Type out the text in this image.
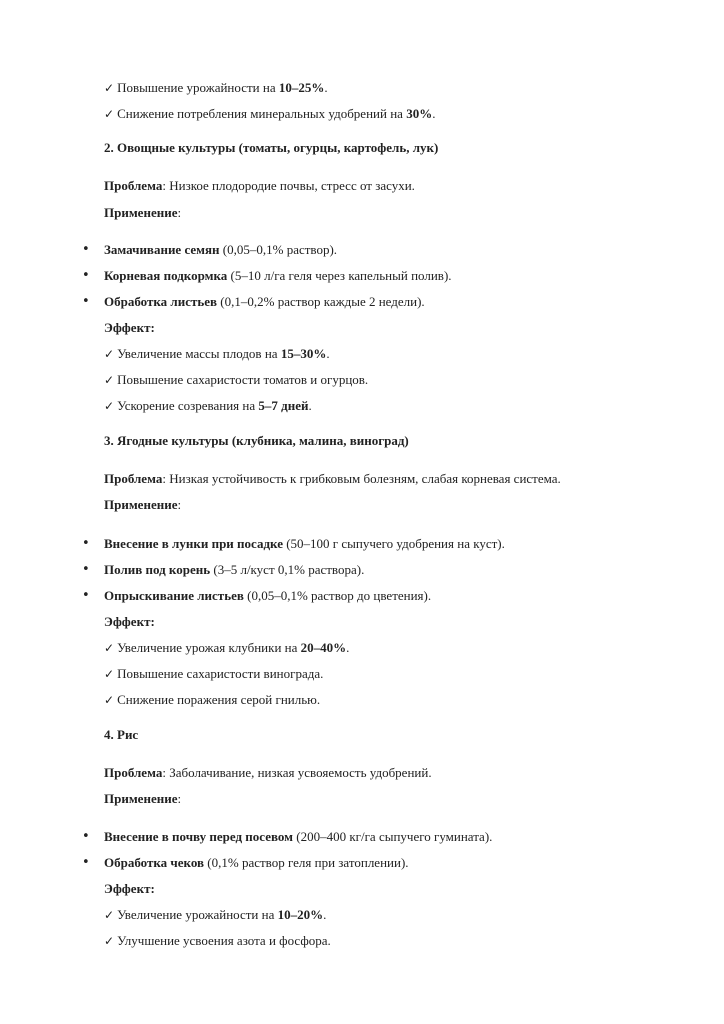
✓ Повышение урожайности на 10–25%.
✓ Снижение потребления минеральных удобрений на 30%.
2. Овощные культуры (томаты, огурцы, картофель, лук)
Проблема: Низкое плодородие почвы, стресс от засухи.
Применение:
• Замачивание семян (0,05–0,1% раствор).
• Корневая подкормка (5–10 л/га геля через капельный полив).
• Обработка листьев (0,1–0,2% раствор каждые 2 недели).
Эффект:
✓ Увеличение массы плодов на 15–30%.
✓ Повышение сахаристости томатов и огурцов.
✓ Ускорение созревания на 5–7 дней.
3. Ягодные культуры (клубника, малина, виноград)
Проблема: Низкая устойчивость к грибковым болезням, слабая корневая система.
Применение:
• Внесение в лунки при посадке (50–100 г сыпучего удобрения на куст).
• Полив под корень (3–5 л/куст 0,1% раствора).
• Опрыскивание листьев (0,05–0,1% раствор до цветения).
Эффект:
✓ Увеличение урожая клубники на 20–40%.
✓ Повышение сахаристости винограда.
✓ Снижение поражения серой гнилью.
4. Рис
Проблема: Заболачивание, низкая усвояемость удобрений.
Применение:
• Внесение в почву перед посевом (200–400 кг/га сыпучего гумината).
• Обработка чеков (0,1% раствор геля при затоплении).
Эффект:
✓ Увеличение урожайности на 10–20%.
✓ Улучшение усвоения азота и фосфора.
